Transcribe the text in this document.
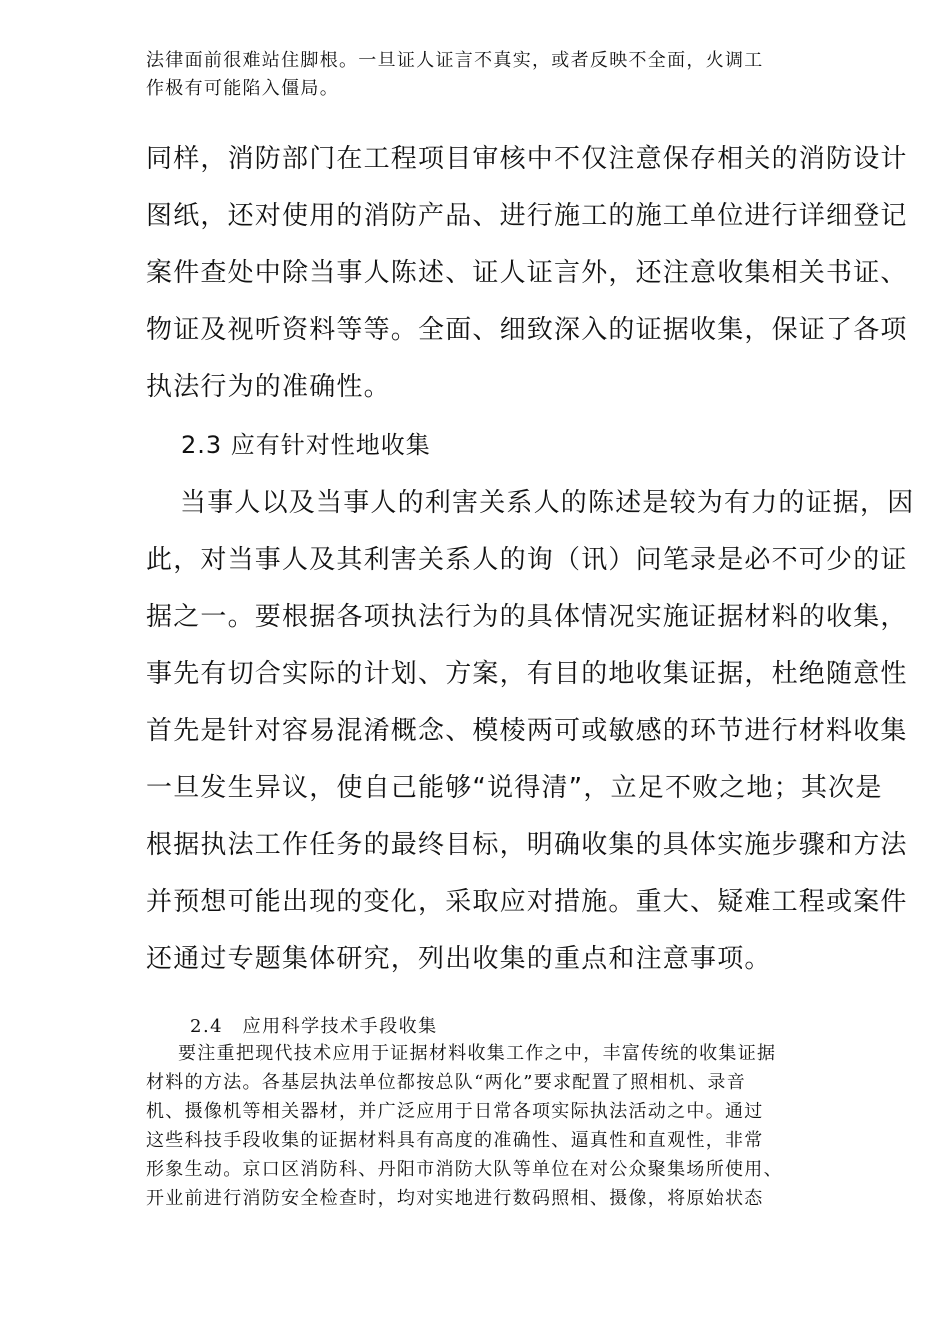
法律面前很难站住脚根。一旦证人证言不真实，或者反映不全面，火调工
作极有可能陷入僵局。
同样，消防部门在工程项目审核中不仅注意保存相关的消防设计
图纸，还对使用的消防产品、进行施工的施工单位进行详细登记
案件查处中除当事人陈述、证人证言外，还注意收集相关书证、
物证及视听资料等等。全面、细致深入的证据收集，保证了各项
执法行为的准确性。
2.3 应有针对性地收集
当事人以及当事人的利害关系人的陈述是较为有力的证据，因
此，对当事人及其利害关系人的询（讯）问笔录是必不可少的证
据之一。要根据各项执法行为的具体情况实施证据材料的收集，
事先有切合实际的计划、方案，有目的地收集证据，杜绝随意性
首先是针对容易混淆概念、模棱两可或敏感的环节进行材料收集
一旦发生异议，使自己能够“说得清”，立足不败之地；其次是
根据执法工作任务的最终目标，明确收集的具体实施步骤和方法
并预想可能出现的变化，采取应对措施。重大、疑难工程或案件
还通过专题集体研究，列出收集的重点和注意事项。
2.4　应用科学技术手段收集
要注重把现代技术应用于证据材料收集工作之中，丰富传统的收集证据
材料的方法。各基层执法单位都按总队“两化”要求配置了照相机、录音
机、摄像机等相关器材，并广泛应用于日常各项实际执法活动之中。通过
这些科技手段收集的证据材料具有高度的准确性、逼真性和直观性，非常
形象生动。京口区消防科、丹阳市消防大队等单位在对公众聚集场所使用、
开业前进行消防安全检查时，均对实地进行数码照相、摄像，将原始状态
